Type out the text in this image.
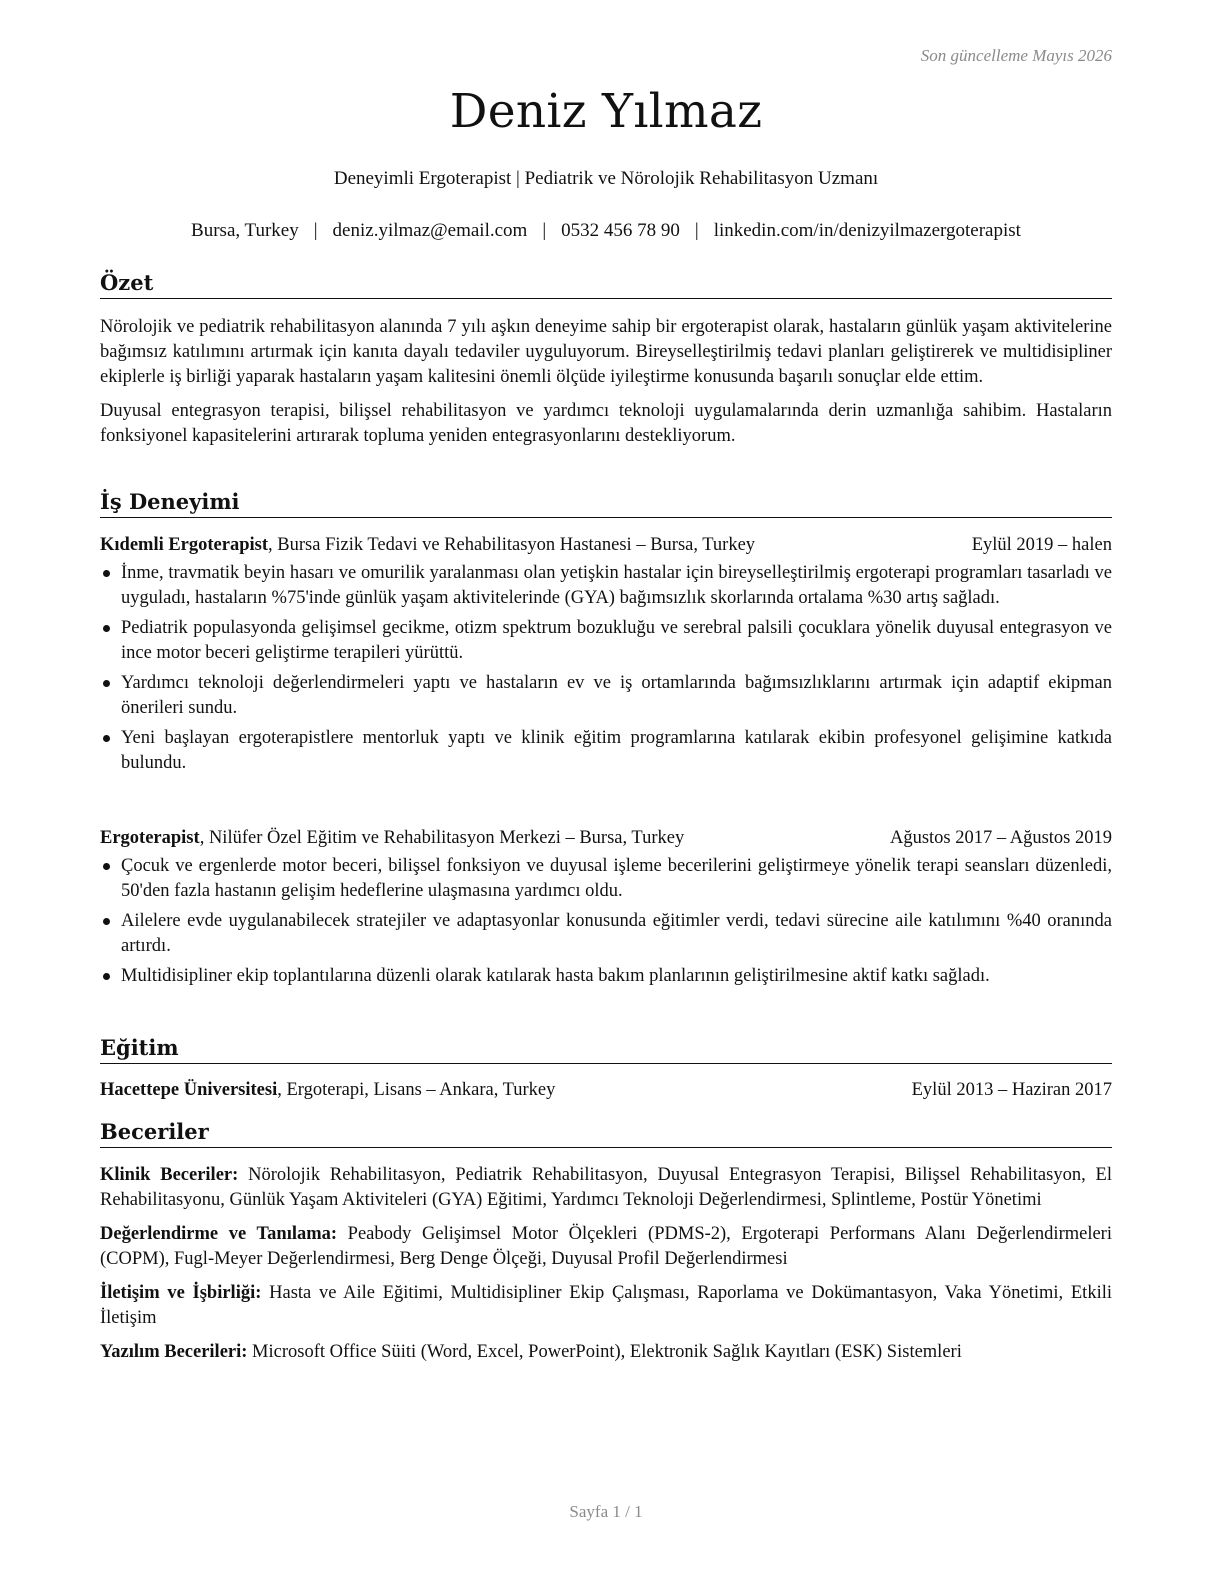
Son güncelleme Mayıs 2026
Deniz Yılmaz
Deneyimli Ergoterapist | Pediatrik ve Nörolojik Rehabilitasyon Uzmanı
Bursa, Turkey | deniz.yilmaz@email.com | 0532 456 78 90 | linkedin.com/in/denizyilmazergoterapist
Özet

Nörolojik ve pediatrik rehabilitasyon alanında 7 yılı aşkın deneyime sahip bir ergoterapist olarak, hastaların günlük yaşam aktivitelerine bağımsız katılımını artırmak için kanıta dayalı tedaviler uyguluyorum. Bireyselleştirilmiş tedavi planları geliştirerek ve multidisipliner ekiplerle iş birliği yaparak hastaların yaşam kalitesini önemli ölçüde iyileştirme konusunda başarılı sonuçlar elde ettim.

Duyusal entegrasyon terapisi, bilişsel rehabilitasyon ve yardımcı teknoloji uygulamalarında derin uzmanlığa sahibim. Hastaların fonksiyonel kapasitelerini artırarak topluma yeniden entegrasyonlarını destekliyorum.

İş Deneyimi
Kıdemli Ergoterapist, Bursa Fizik Tedavi ve Rehabilitasyon Hastanesi – Bursa, Turkey	Eylül 2019 – halen
İnme, travmatik beyin hasarı ve omurilik yaralanması olan yetişkin hastalar için bireyselleştirilmiş ergoterapi programları tasarladı ve uyguladı, hastaların %75'inde günlük yaşam aktivitelerinde (GYA) bağımsızlık skorlarında ortalama %30 artış sağladı.
Pediatrik populasyonda gelişimsel gecikme, otizm spektrum bozukluğu ve serebral palsili çocuklara yönelik duyusal entegrasyon ve ince motor beceri geliştirme terapileri yürüttü.
Yardımcı teknoloji değerlendirmeleri yaptı ve hastaların ev ve iş ortamlarında bağımsızlıklarını artırmak için adaptif ekipman önerileri sundu.
Yeni başlayan ergoterapistlere mentorluk yaptı ve klinik eğitim programlarına katılarak ekibin profesyonel gelişimine katkıda bulundu.
Ergoterapist, Nilüfer Özel Eğitim ve Rehabilitasyon Merkezi – Bursa, Turkey	Ağustos 2017 – Ağustos 2019
Çocuk ve ergenlerde motor beceri, bilişsel fonksiyon ve duyusal işleme becerilerini geliştirmeye yönelik terapi seansları düzenledi, 50'den fazla hastanın gelişim hedeflerine ulaşmasına yardımcı oldu.
Ailelere evde uygulanabilecek stratejiler ve adaptasyonlar konusunda eğitimler verdi, tedavi sürecine aile katılımını %40 oranında artırdı.
Multidisipliner ekip toplantılarına düzenli olarak katılarak hasta bakım planlarının geliştirilmesine aktif katkı sağladı.
Eğitim
Hacettepe Üniversitesi, Ergoterapi, Lisans – Ankara, Turkey	Eylül 2013 – Haziran 2017
Beceriler

Klinik Beceriler: Nörolojik Rehabilitasyon, Pediatrik Rehabilitasyon, Duyusal Entegrasyon Terapisi, Bilişsel Rehabilitasyon, El Rehabilitasyonu, Günlük Yaşam Aktiviteleri (GYA) Eğitimi, Yardımcı Teknoloji Değerlendirmesi, Splintleme, Postür Yönetimi

Değerlendirme ve Tanılama: Peabody Gelişimsel Motor Ölçekleri (PDMS-2), Ergoterapi Performans Alanı Değerlendirmeleri (COPM), Fugl-Meyer Değerlendirmesi, Berg Denge Ölçeği, Duyusal Profil Değerlendirmesi

İletişim ve İşbirliği: Hasta ve Aile Eğitimi, Multidisipliner Ekip Çalışması, Raporlama ve Dokümantasyon, Vaka Yönetimi, Etkili İletişim

Yazılım Becerileri: Microsoft Office Süiti (Word, Excel, PowerPoint), Elektronik Sağlık Kayıtları (ESK) Sistemleri

Sayfa 1 / 1
